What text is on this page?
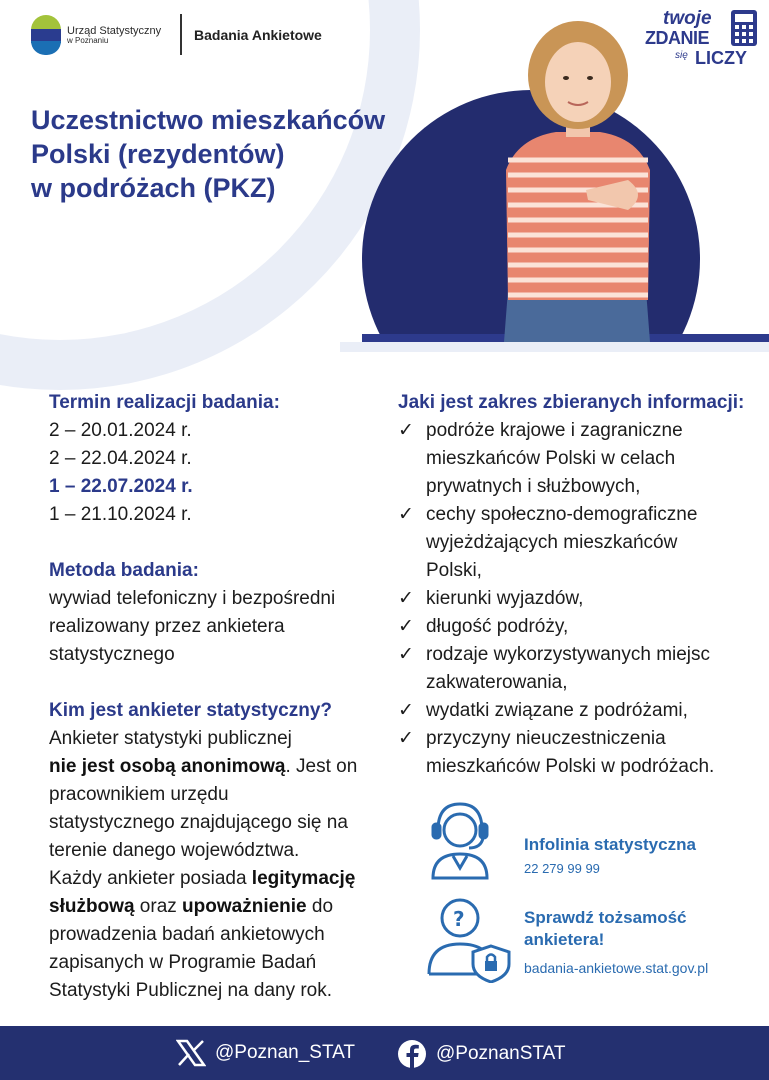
Urząd Statystyczny
w Poznaniu	Badania Ankietowe
twoje
ZDANIE
się LICZY
Uczestnictwo mieszkańców
Polski (rezydentów)
w podróżach (PKZ)
Termin realizacji badania:
2 – 20.01.2024 r.
2 – 22.04.2024 r.
1 – 22.07.2024 r.
1 – 21.10.2024 r.
Metoda badania:
wywiad telefoniczny i bezpośredni
realizowany przez ankietera
statystycznego
Kim jest ankieter statystyczny?
Ankieter statystyki publicznej
nie jest osobą anonimową. Jest on
pracownikiem urzędu
statystycznego znajdującego się na
terenie danego województwa.
Każdy ankieter posiada legitymację
służbową oraz upoważnienie do
prowadzenia badań ankietowych
zapisanych w Programie Badań
Statystyki Publicznej na dany rok.
Jaki jest zakres zbieranych informacji:
✓ podróże krajowe i zagraniczne
mieszkańców Polski w celach
prywatnych i służbowych,
✓ cechy społeczno-demograficzne
wyjeżdżających mieszkańców
Polski,
✓ kierunki wyjazdów,
✓ długość podróży,
✓ rodzaje wykorzystywanych miejsc
zakwaterowania,
✓ wydatki związane z podróżami,
✓ przyczyny nieuczestniczenia
mieszkańców Polski w podróżach.
Infolinia statystyczna
22 279 99 99
?	Sprawdź tożsamość
ankietera!
badania-ankietowe.stat.gov.pl
@Poznan_STAT	@PoznanSTAT
